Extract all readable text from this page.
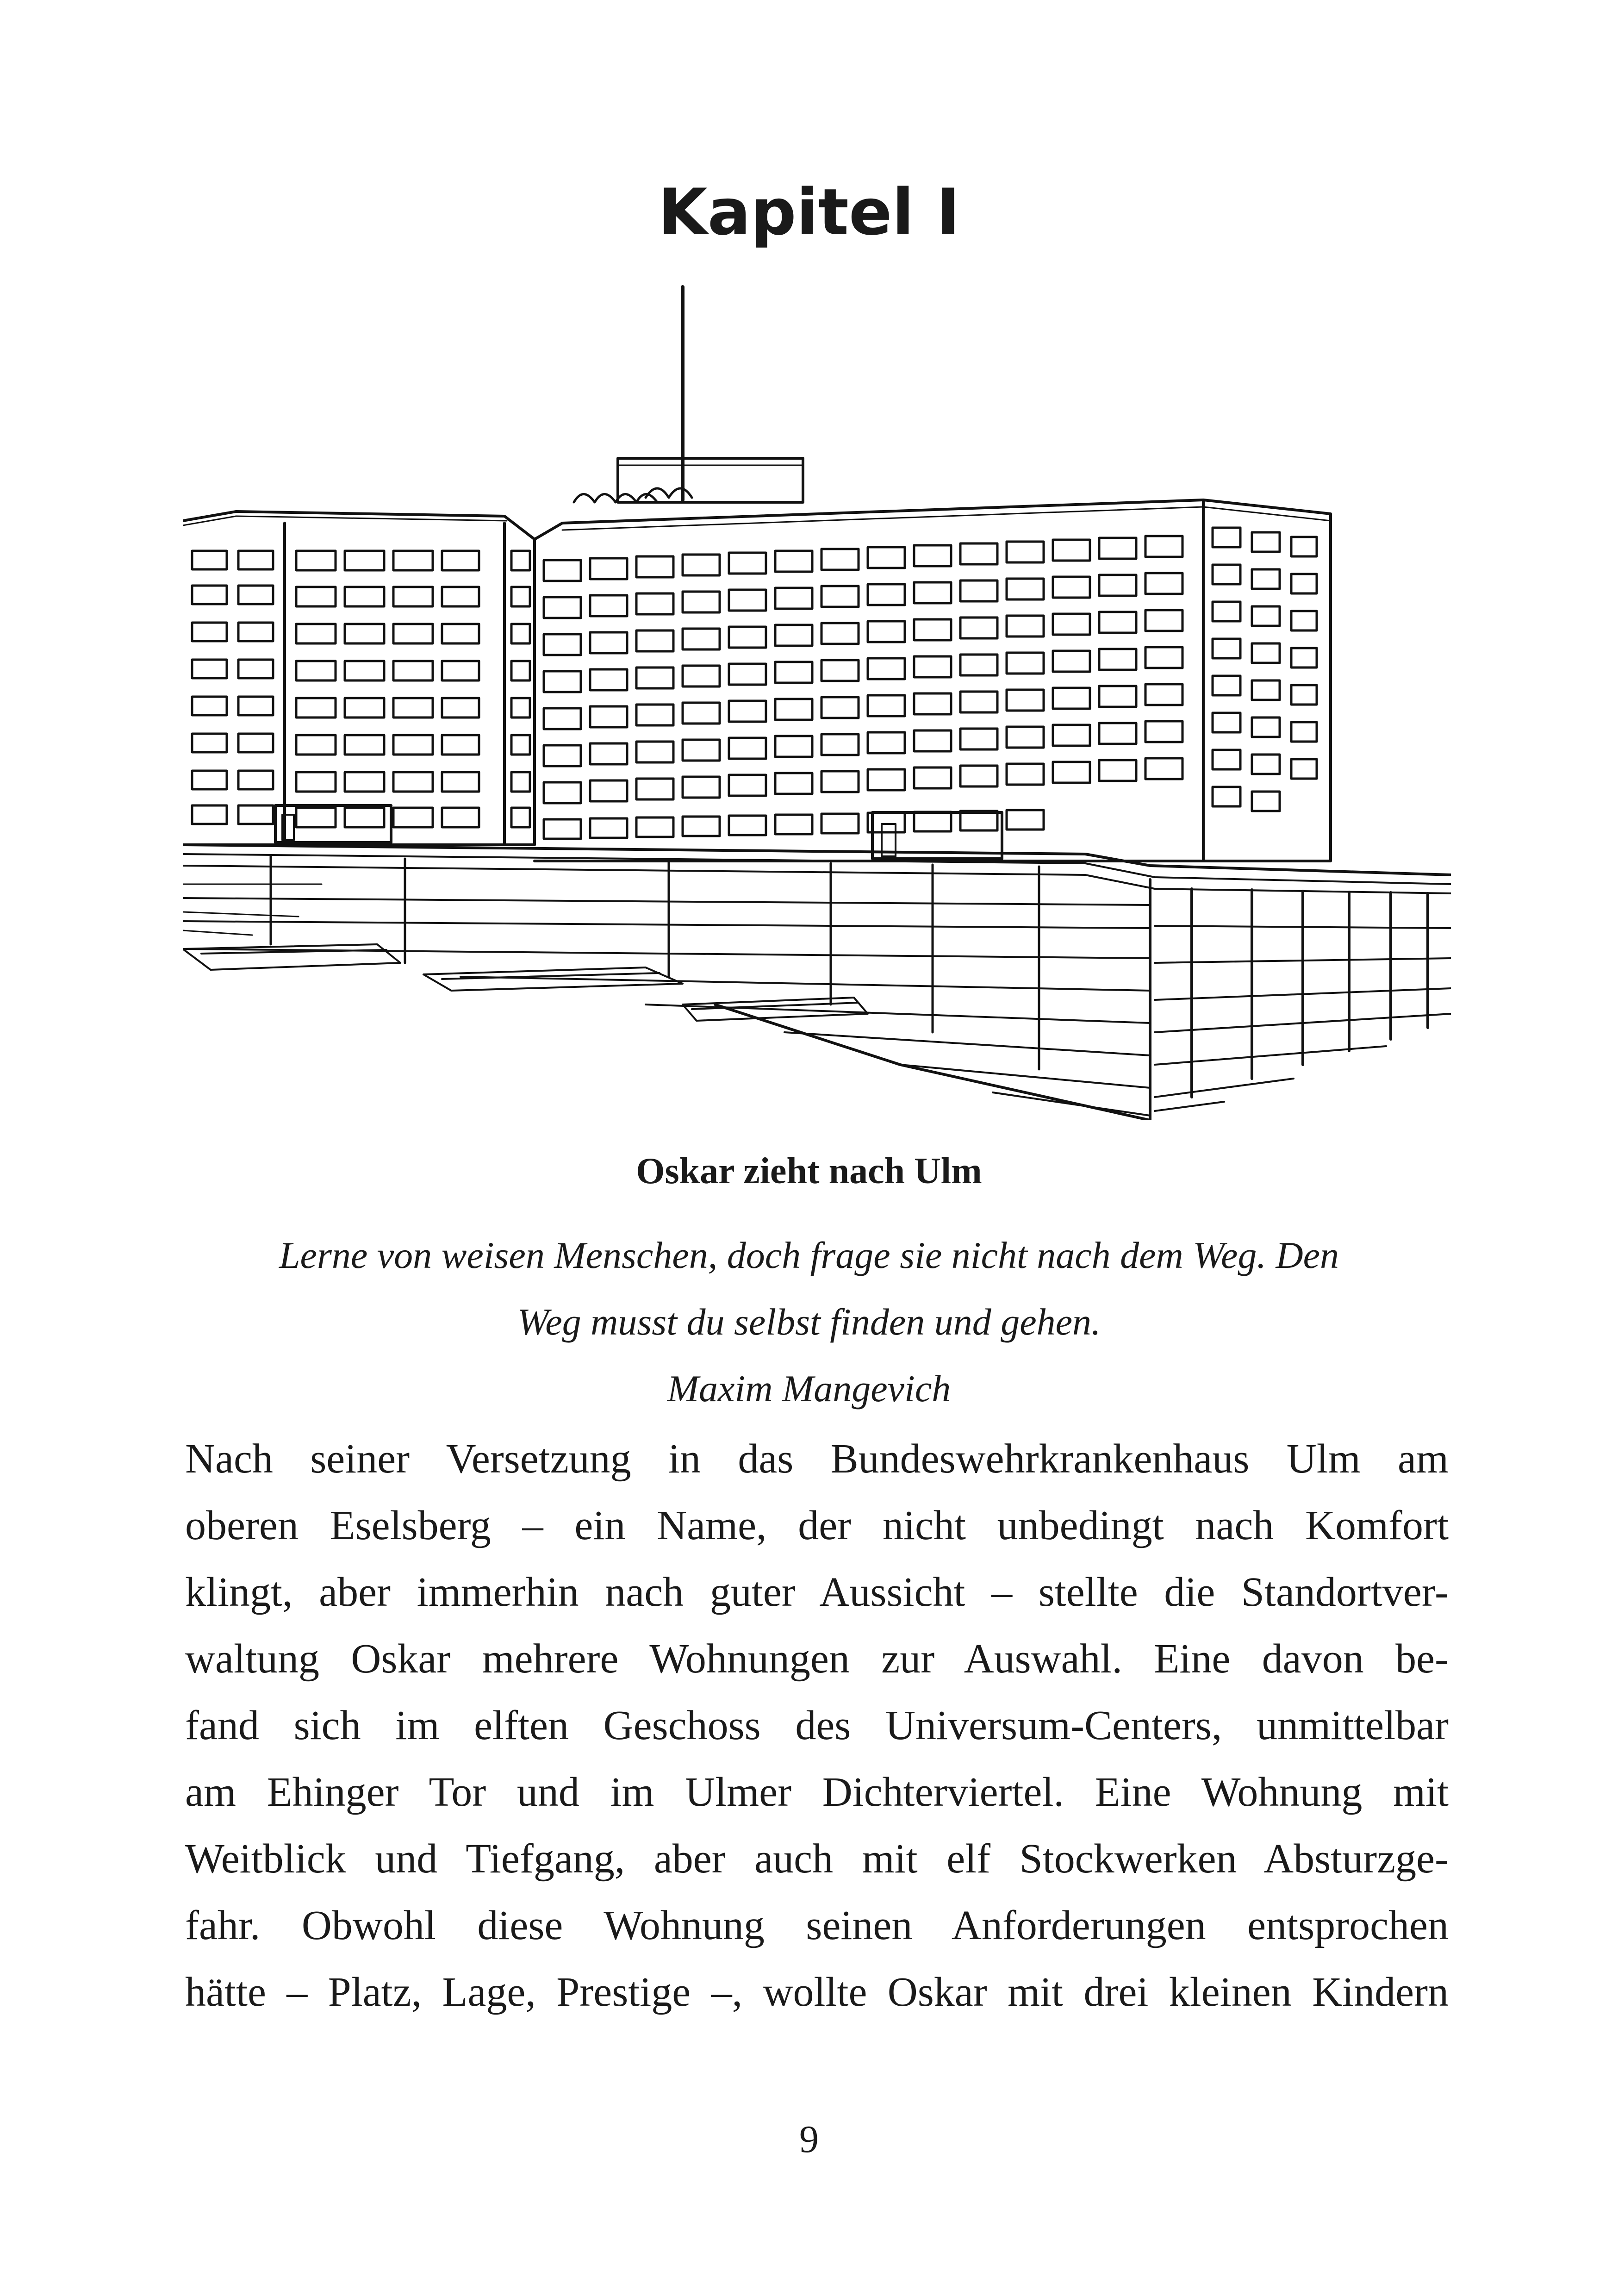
Kapitel I
Oskar zieht nach Ulm
Lerne von weisen Menschen, doch frage sie nicht nach dem Weg. Den
Weg musst du selbst finden und gehen.
Maxim Mangevich
Nach seiner Versetzung in das Bundeswehrkrankenhaus Ulm am
oberen Eselsberg – ein Name, der nicht unbedingt nach Komfort
klingt, aber immerhin nach guter Aussicht – stellte die Standortver-
waltung Oskar mehrere Wohnungen zur Auswahl. Eine davon be-
fand sich im elften Geschoss des Universum-Centers, unmittelbar
am Ehinger Tor und im Ulmer Dichterviertel. Eine Wohnung mit
Weitblick und Tiefgang, aber auch mit elf Stockwerken Absturzge-
fahr. Obwohl diese Wohnung seinen Anforderungen entsprochen
hätte – Platz, Lage, Prestige –, wollte Oskar mit drei kleinen Kindern
9
